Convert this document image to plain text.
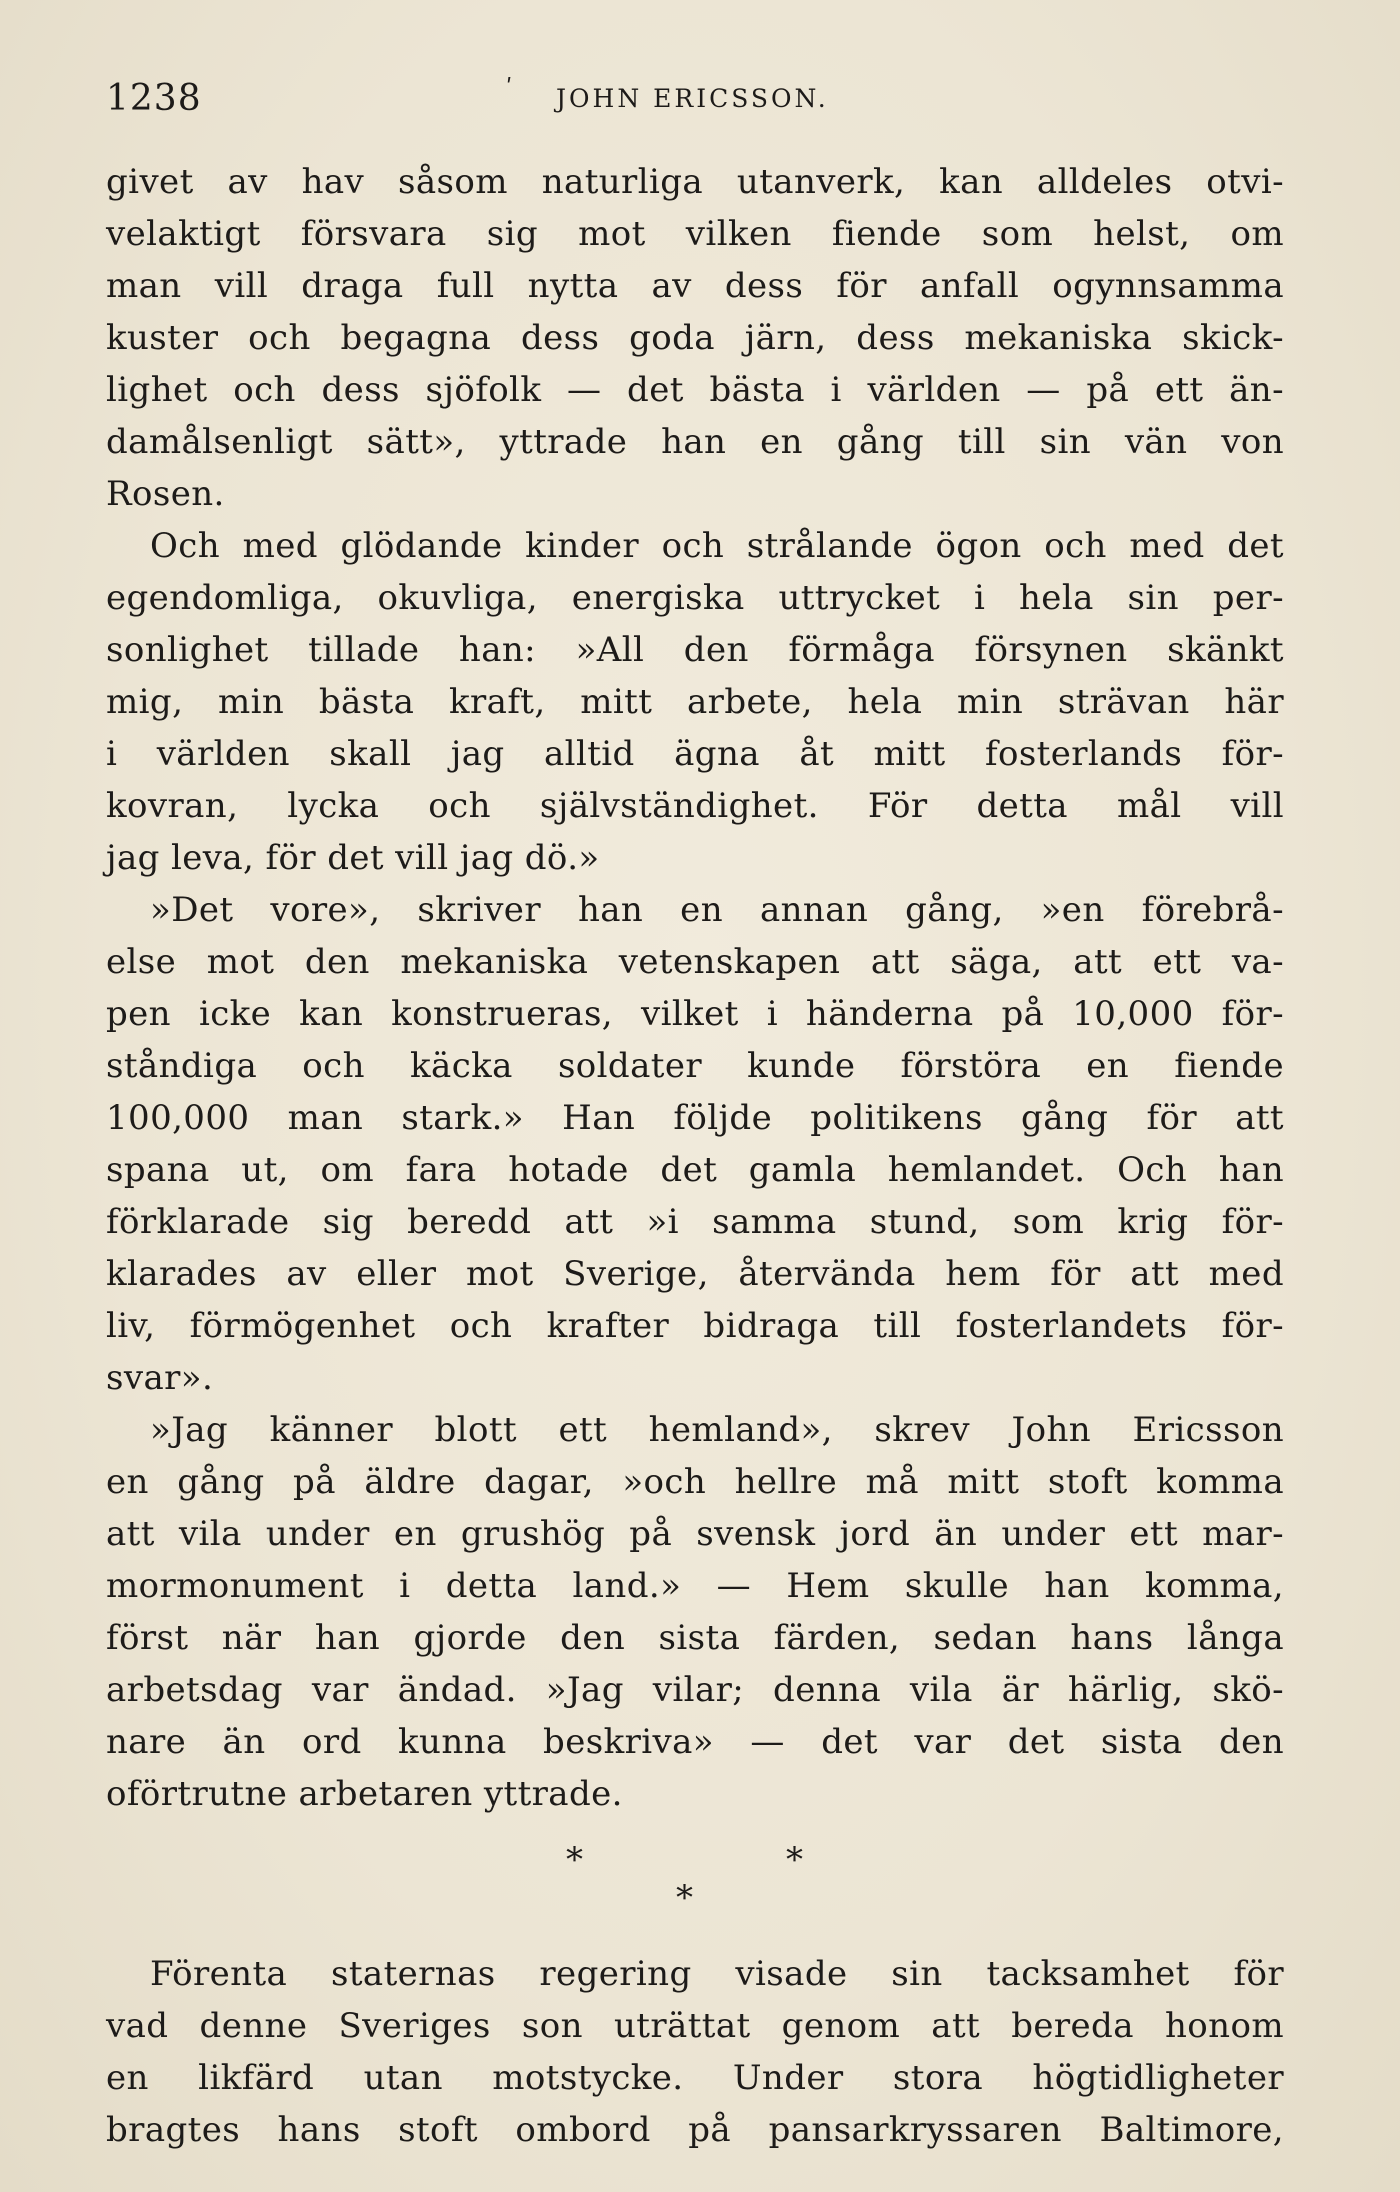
1238	ʹ JOHN ERICSSON.
givet av hav såsom naturliga utanverk, kan alldeles otvi-
velaktigt försvara sig mot vilken fiende som helst, om
man vill draga full nytta av dess för anfall ogynnsamma
kuster och begagna dess goda järn, dess mekaniska skick-
lighet och dess sjöfolk — det bästa i världen — på ett än-
damålsenligt sätt», yttrade han en gång till sin vän von
Rosen.
Och med glödande kinder och strålande ögon och med det
egendomliga, okuvliga, energiska uttrycket i hela sin per-
sonlighet tillade han: »All den förmåga försynen skänkt
mig, min bästa kraft, mitt arbete, hela min strävan här
i världen skall jag alltid ägna åt mitt fosterlands för-
kovran, lycka och självständighet. För detta mål vill
jag leva, för det vill jag dö.»
»Det vore», skriver han en annan gång, »en förebrå-
else mot den mekaniska vetenskapen att säga, att ett va-
pen icke kan konstrueras, vilket i händerna på 10,000 för-
ståndiga och käcka soldater kunde förstöra en fiende
100,000 man stark.» Han följde politikens gång för att
spana ut, om fara hotade det gamla hemlandet. Och han
förklarade sig beredd att »i samma stund, som krig för-
klarades av eller mot Sverige, återvända hem för att med
liv, förmögenhet och krafter bidraga till fosterlandets för-
svar».
»Jag känner blott ett hemland», skrev John Ericsson
en gång på äldre dagar, »och hellre må mitt stoft komma
att vila under en grushög på svensk jord än under ett mar-
mormonument i detta land.» — Hem skulle han komma,
först när han gjorde den sista färden, sedan hans långa
arbetsdag var ändad. »Jag vilar; denna vila är härlig, skö-
nare än ord kunna beskriva» — det var det sista den
oförtrutne arbetaren yttrade.
*	*
*
Förenta staternas regering visade sin tacksamhet för
vad denne Sveriges son uträttat genom att bereda honom
en likfärd utan motstycke. Under stora högtidligheter
bragtes hans stoft ombord på pansarkryssaren Baltimore,
